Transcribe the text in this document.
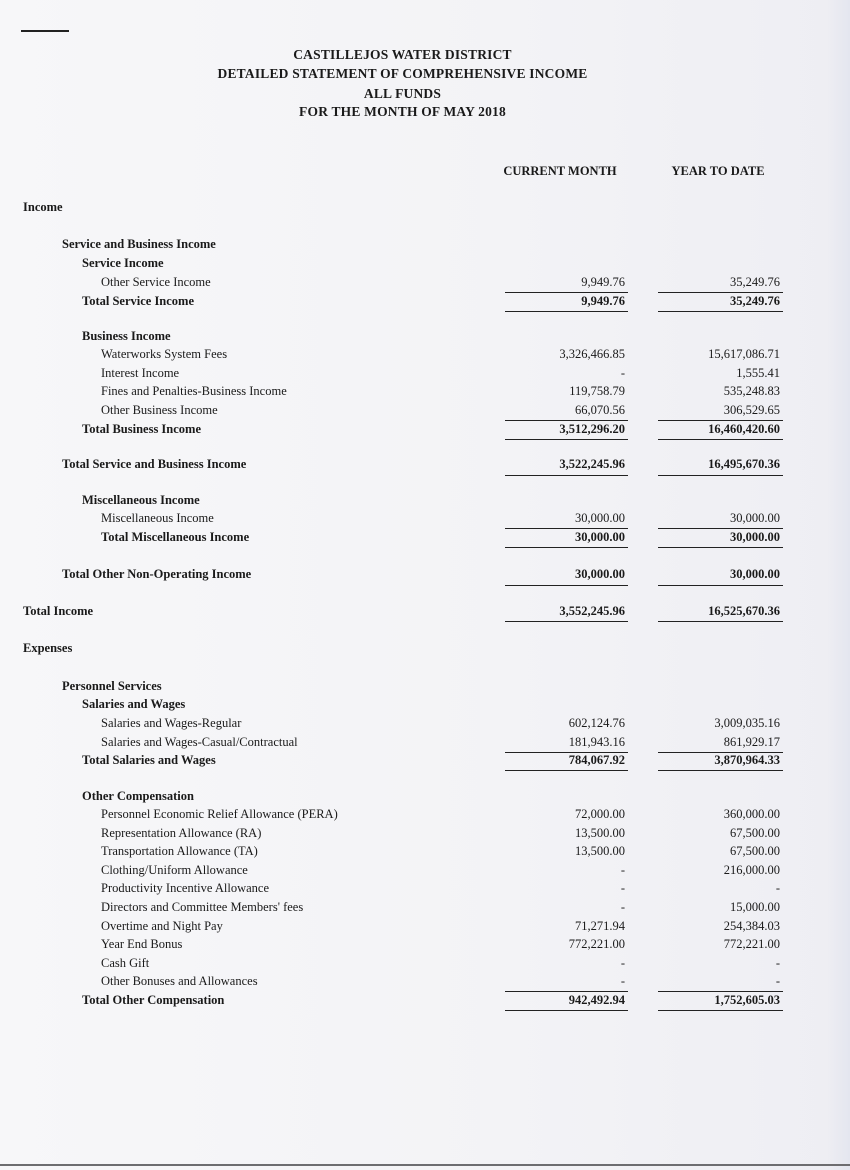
CASTILLEJOS WATER DISTRICT
DETAILED STATEMENT OF COMPREHENSIVE INCOME
ALL FUNDS
FOR THE MONTH OF MAY 2018
CURRENT MONTH	YEAR TO DATE
Income
Service and Business Income
Service Income
Other Service Income	9,949.76	35,249.76
Total Service Income	9,949.76	35,249.76
Business Income
Waterworks System Fees	3,326,466.85	15,617,086.71
Interest Income	-	1,555.41
Fines and Penalties-Business Income	119,758.79	535,248.83
Other Business Income	66,070.56	306,529.65
Total Business Income	3,512,296.20	16,460,420.60
Total Service and Business Income	3,522,245.96	16,495,670.36
Miscellaneous Income
Miscellaneous Income	30,000.00	30,000.00
Total Miscellaneous Income	30,000.00	30,000.00
Total Other Non-Operating Income	30,000.00	30,000.00
Total Income	3,552,245.96	16,525,670.36
Expenses
Personnel Services
Salaries and Wages
Salaries and Wages-Regular	602,124.76	3,009,035.16
Salaries and Wages-Casual/Contractual	181,943.16	861,929.17
Total Salaries and Wages	784,067.92	3,870,964.33
Other Compensation
Personnel Economic Relief Allowance (PERA)	72,000.00	360,000.00
Representation Allowance (RA)	13,500.00	67,500.00
Transportation Allowance (TA)	13,500.00	67,500.00
Clothing/Uniform Allowance	-	216,000.00
Productivity Incentive Allowance	-	-
Directors and Committee Members' fees	-	15,000.00
Overtime and Night Pay	71,271.94	254,384.03
Year End Bonus	772,221.00	772,221.00
Cash Gift	-	-
Other Bonuses and Allowances	-	-
Total Other Compensation	942,492.94	1,752,605.03
